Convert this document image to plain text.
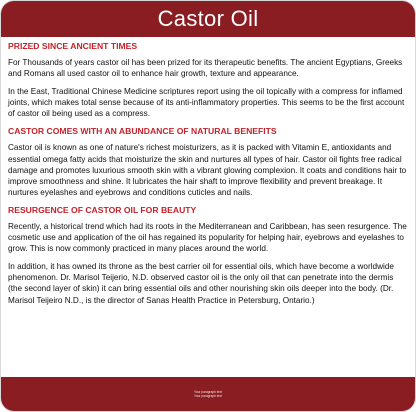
Castor Oil
PRIZED SINCE ANCIENT TIMES

For Thousands of years castor oil has been prized for its therapeutic benefits. The ancient Egyptians, Greeks and Romans all used castor oil to enhance hair growth, texture and appearance.

In the East, Traditional Chinese Medicine scriptures report using the oil topically with a compress for inflamed joints, which makes total sense because of its anti-inflammatory properties. This seems to be the first account of castor oil being used as a compress.

CASTOR COMES WITH AN ABUNDANCE OF NATURAL BENEFITS

Castor oil is known as one of nature's richest moisturizers, as it is packed with Vitamin E, antioxidants and essential omega fatty acids that moisturize the skin and nurtures all types of hair. Castor oil fights free radical damage and promotes luxurious smooth skin with a vibrant glowing complexion. It coats and conditions hair to improve smoothness and shine. It lubricates the hair shaft to improve flexibility and prevent breakage. It nurtures eyelashes and eyebrows and conditions cuticles and nails.

RESURGENCE OF CASTOR OIL FOR BEAUTY

Recently, a historical trend which had its roots in the Mediterranean and Caribbean, has seen resurgence. The cosmetic use and application of the oil has regained its popularity for helping hair, eyebrows and eyelashes to grow. This is now commonly practiced in many places around the world.

In addition, it has owned its throne as the best carrier oil for essential oils, which have become a worldwide phenomenon. Dr. Marisol Teijerio, N.D. observed castor oil is the only oil that can penetrate into the dermis (the second layer of skin) it can bring essential oils and other nourishing skin oils deeper into the body. (Dr. Marisol Teijeiro N.D., is the director of Sanas Health Practice in Petersburg, Ontario.)

Your paragraph text
Your paragraph text
